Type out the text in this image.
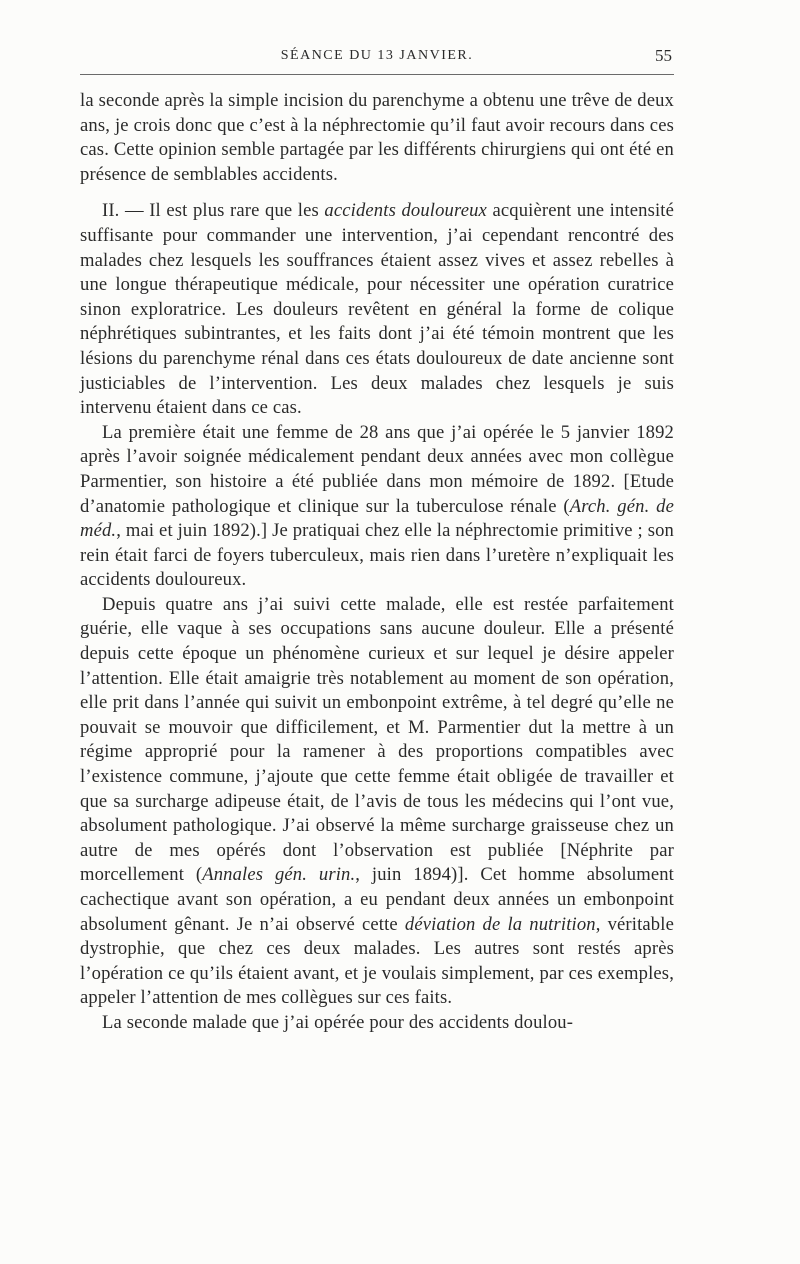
SÉANCE DU 13 JANVIER.	55

la seconde après la simple incision du parenchyme a obtenu une trêve de deux ans, je crois donc que c’est à la néphrectomie qu’il faut avoir recours dans ces cas. Cette opinion semble partagée par les différents chirurgiens qui ont été en présence de semblables accidents.

II. — Il est plus rare que les accidents douloureux acquièrent une intensité suffisante pour commander une intervention, j’ai cependant rencontré des malades chez lesquels les souffrances étaient assez vives et assez rebelles à une longue thérapeutique médicale, pour nécessiter une opération curatrice sinon exploratrice. Les douleurs revêtent en général la forme de colique néphrétiques subintrantes, et les faits dont j’ai été témoin montrent que les lésions du parenchyme rénal dans ces états douloureux de date ancienne sont justiciables de l’intervention. Les deux malades chez lesquels je suis intervenu étaient dans ce cas.

La première était une femme de 28 ans que j’ai opérée le 5 janvier 1892 après l’avoir soignée médicalement pendant deux années avec mon collègue Parmentier, son histoire a été publiée dans mon mémoire de 1892. [Etude d’anatomie pathologique et clinique sur la tuberculose rénale (Arch. gén. de méd., mai et juin 1892).] Je pratiquai chez elle la néphrectomie primitive ; son rein était farci de foyers tuberculeux, mais rien dans l’uretère n’expliquait les accidents douloureux.

Depuis quatre ans j’ai suivi cette malade, elle est restée parfaitement guérie, elle vaque à ses occupations sans aucune douleur. Elle a présenté depuis cette époque un phénomène curieux et sur lequel je désire appeler l’attention. Elle était amaigrie très notablement au moment de son opération, elle prit dans l’année qui suivit un embonpoint extrême, à tel degré qu’elle ne pouvait se mouvoir que difficilement, et M. Parmentier dut la mettre à un régime approprié pour la ramener à des proportions compatibles avec l’existence commune, j’ajoute que cette femme était obligée de travailler et que sa surcharge adipeuse était, de l’avis de tous les médecins qui l’ont vue, absolument pathologique. J’ai observé la même surcharge graisseuse chez un autre de mes opérés dont l’observation est publiée [Néphrite par morcellement (Annales gén. urin., juin 1894)]. Cet homme absolument cachectique avant son opération, a eu pendant deux années un embonpoint absolument gênant. Je n’ai observé cette déviation de la nutrition, véritable dystrophie, que chez ces deux malades. Les autres sont restés après l’opération ce qu’ils étaient avant, et je voulais simplement, par ces exemples, appeler l’attention de mes collègues sur ces faits.

La seconde malade que j’ai opérée pour des accidents doulou-
